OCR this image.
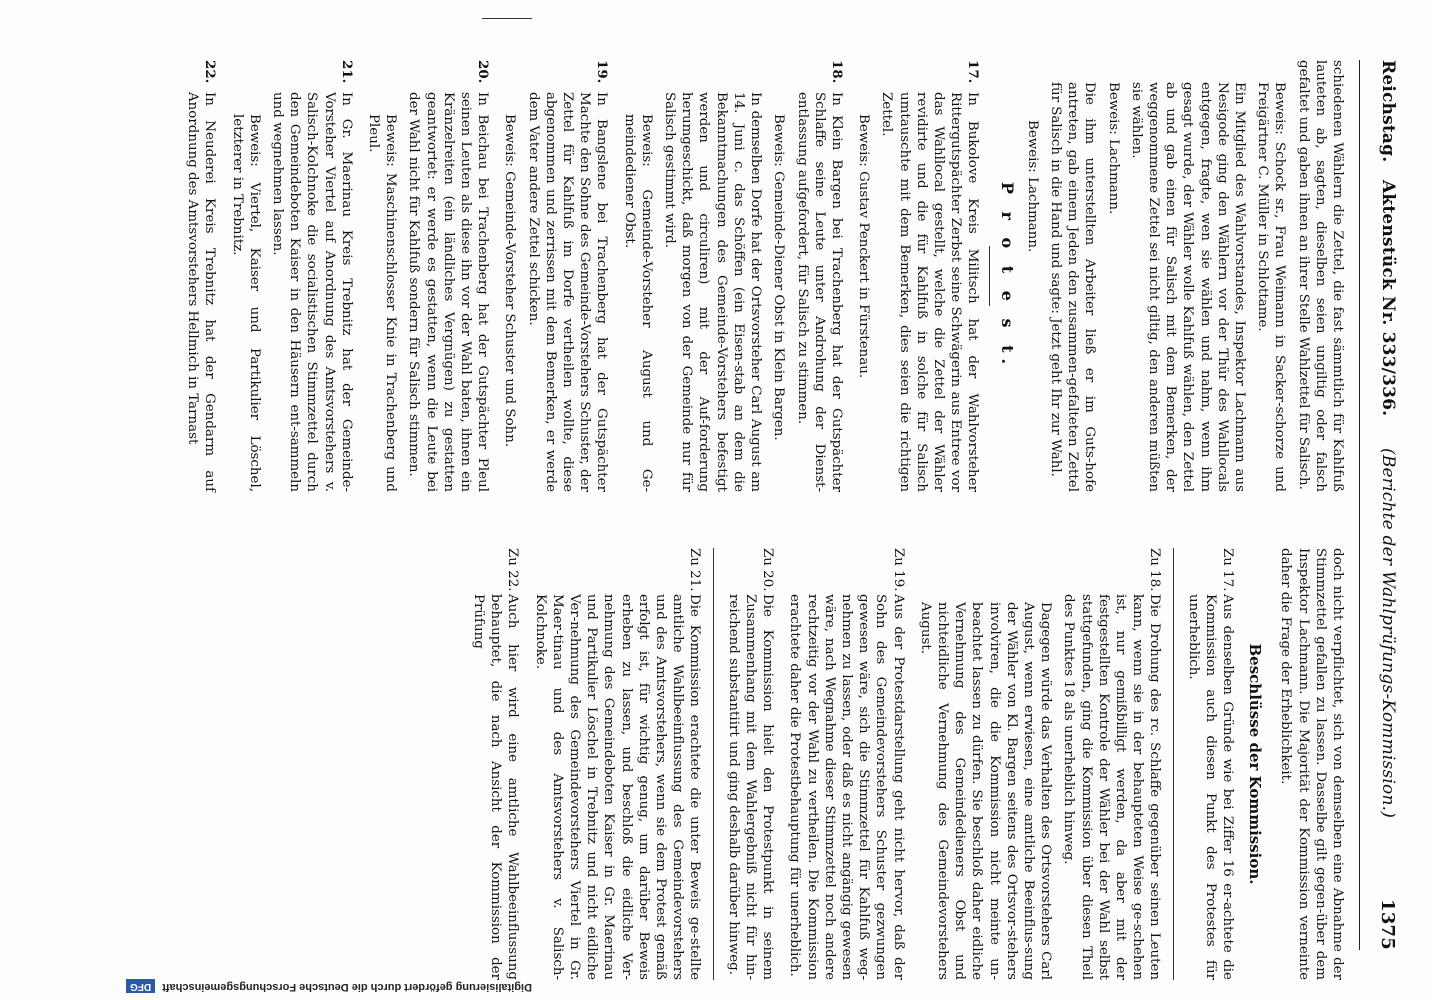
Reichstag.
Aktenstück Nr. 333/336.
(Berichte der Wahlprüfungs-Kommission.)
1375

schiedenen Wählern die Zettel, die fast sämmtlich für Kahlfuß lauteten ab, sagten, dieselben seien ungiltig oder falsch gefaltet und gaben ihnen an ihrer Stelle Wahlzettel für Salisch.

Beweis: Schock sr., Frau Weimann in Sacker-schorze und Freigärtner C. Müller in Schlottame.

Ein Mitglied des Wahlvorstandes, Inspektor Lachmann aus Nesigode ging den Wählern vor der Thür des Wahllocals entgegen, fragte, wen sie wählen und nahm, wenn ihm gesagt wurde, der Wähler wolle Kahlfuß wählen, den Zettel ab und gab einen für Salisch mit dem Bemerken, der weggenommene Zettel sei nicht giltig, den anderen müßten sie wählen.

Beweis: Lachmann.

Die ihm unterstellten Arbeiter ließ er im Guts-hofe antreten, gab einem Jeden den zusammen-gefalteten Zettel für Salisch in die Hand und sagte: Jetzt geht Ihr zur Wahl.

Beweis: Lachmann.

P r o t e s t.
17.

In Bukolove Kreis Militsch hat der Wahlvorsteher Rittergutspächter Zerbst seine Schwägerin aus Entree vor das Wahllocal gestellt, welche die Zettel der Wähler revidirte und die für Kahlfuß in solche für Salisch umtauschte mit dem Bemerken, dies seien die richtigen Zettel.

Beweis: Gustav Penckert in Fürstenau.

18.

In Klein Bargen bei Trachenberg hat der Gutspächter Schlaffe seine Leute unter Androhung der Dienst-entlassung aufgefordert, für Salisch zu stimmen.

Beweis: Gemeinde-Diener Obst in Klein Bargen.

In demselben Dorfe hat der Ortsvorsteher Carl August am 14. Juni c. das Schöffen (ein Eisen-stab an dem die Bekanntmachungen des Gemeinde-Vorstehers befestigt werden und circuliren) mit der Auf-forderung herumgeschickt, daß morgen von der Gemeinde nur für Salisch gestimmt wird.

Beweis: Gemeinde-Vorsteher August und Ge-meindediener Obst.

19.

In Bangslene bei Trachenberg hat der Gutspächter Machte den Sohne des Gemeinde-Vorstehers Schuster, der Zettel für Kahlfuß im Dorfe vertheilen wollte, diese abgenommen und zerrissen mit dem Bemerken, er werde dem Vater andere Zettel schicken.

Beweis: Gemeinde-Vorsteher Schuster und Sohn.

20.

In Beichau bei Trachenberg hat der Gutspächter Pleul seinen Leuten als diese ihn vor der Wahl baten, ihnen ein Kränzelreiten (ein ländliches Vergnügen) zu gestatten geantwortet: er werde es gestatten, wenn die Leute bei der Wahl nicht für Kahlfuß sondern für Salisch stimmen.

Beweis: Maschinenschlosser Knie in Trachenberg und Pleul.

21.

In Gr. Maerinau Kreis Trebnitz hat der Gemeinde-Vorsteher Viertel auf Anordnung des Amtsvorstehers v. Salisch-Kolchnoke die socialistischen Stimmzettel durch den Gemeindeboten Kaiser in den Häusern ent-sammeln und wegnehmen lassen.

Beweis: Viertel, Kaiser und Partikulier Löschel, letzterer in Trebnitz.

22.

In Neuderei Kreis Trebnitz hat der Gendarm auf Anordnung des Amtsvorstehers Hellmich in Tarnast

doch nicht verpflichtet, sich von demselben eine Abnahme der Stimmzettel gefallen zu lassen. Dasselbe gilt gegen-über dem Inspektor Lachmann. Die Majorität der Kommission verneinte daher die Frage der Erheblichkeit.

Beschlüsse der Kommission.
Zu 17.

Aus denselben Gründe wie bei Ziffer 16 er-achtete die Kommission auch diesen Punkt des Protestes für unerheblich.

Zu 18.

Die Drohung des rc. Schlaffe gegenüber seinen Leuten kann, wenn sie in der behaupteten Weise ge-schehen ist, nur gemißbilligt werden, da aber mit der festgestellten Kontrole der Wähler bei der Wahl selbst stattgefunden, ging die Kommission über diesen Theil des Punktes 18 als unerheblich hinweg.

Dagegen würde das Verhalten des Ortsvorstehers Carl August, wenn erwiesen, eine amtliche Beeinflus-sung der Wähler von Kl. Bargen seitens des Ortsvor-stehers involviren, die die Kommission nicht meinte un-beachtet lassen zu dürfen. Sie beschloß daher eidliche Vernehmung des Gemeindedieners Obst und nichteidliche Vernehmung des Gemeindevorstehers August.

Zu 19.

Aus der Protestdarstellung geht nicht hervor, daß der Sohn des Gemeindevorstehers Schuster gezwungen gewesen wäre, sich die Stimmzettel für Kahlfuß weg-nehmen zu lassen, oder daß es nicht angängig gewesen wäre, nach Wegnahme dieser Stimmzettel noch andere rechtzeitig vor der Wahl zu vertheilen. Die Kommission erachtete daher die Protestbehauptung für unerheblich.

Zu 20.

Die Kommission hielt den Protestpunkt in seinem Zusammenhang mit dem Wahlergebniß nicht für hin-reichend substantiirt und ging deshalb darüber hinweg.

Zu 21.

Die Kommission erachtete die unter Beweis ge-stellte amtliche Wahlbeeinflussung des Gemeindevorstehers und des Amtsvorstehers, wenn sie dem Protest gemäß erfolgt ist, für wichtig genug, um darüber Beweis erheben zu lassen, und beschloß die eidliche Ver-nehmung des Gemeindeboten Kaiser in Gr. Maerinau und Partikulier Löschel in Trebnitz und nicht eidliche Ver-nehmung des Gemeindevorstehers Viertel in Gr. Maer-tinau und des Amtsvorstehers v. Salisch-Kolchnoke.

Zu 22.

Auch hier wird eine amtliche Wahlbeeinflussung behauptet, die nach Ansicht der Kommission der Prüfung

Digitalisierung gefördert durch die Deutsche Forschungsgemeinschaft DFG
